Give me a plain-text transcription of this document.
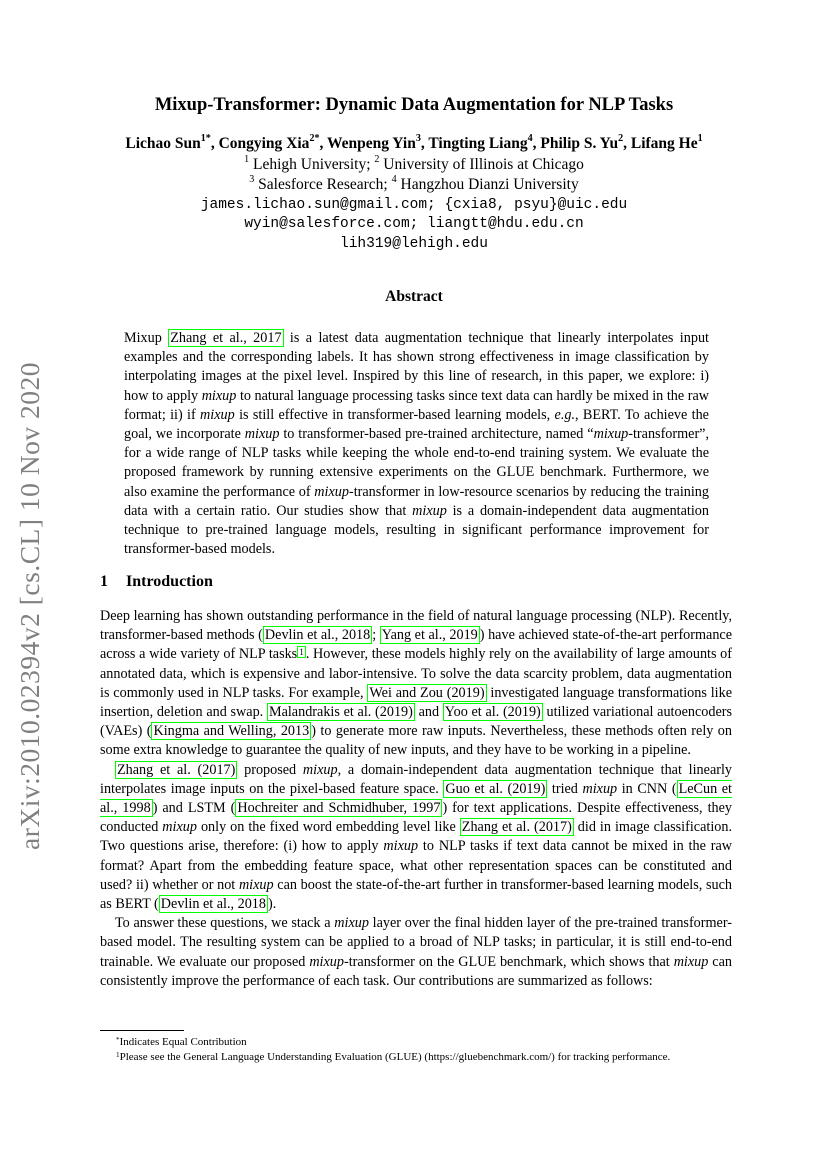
arXiv:2010.02394v2 [cs.CL] 10 Nov 2020
Mixup-Transformer: Dynamic Data Augmentation for NLP Tasks
Lichao Sun$^{1*}$, Congying Xia$^{2*}$, Wenpeng Yin$^3$, Tingting Liang$^4$, Philip S. Yu$^2$, Lifang He$^1$
$^1$ Lehigh University; $^2$ University of Illinois at Chicago
$^3$ Salesforce Research; $^4$ Hangzhou Dianzi University
james.lichao.sun@gmail.com; {cxia8, psyu}@uic.edu
wyin@salesforce.com; liangtt@hdu.edu.cn
lih319@lehigh.edu
Abstract
Mixup Zhang et al., 2017 is a latest data augmentation technique that linearly interpolates input examples and the corresponding labels. It has shown strong effectiveness in image classification by interpolating images at the pixel level. Inspired by this line of research, in this paper, we explore: i) how to apply mixup to natural language processing tasks since text data can hardly be mixed in the raw format; ii) if mixup is still effective in transformer-based learning models, e.g., BERT. To achieve the goal, we incorporate mixup to transformer-based pre-trained architecture, named “mixup-transformer”, for a wide range of NLP tasks while keeping the whole end-to-end training system. We evaluate the proposed framework by running extensive experiments on the GLUE benchmark. Furthermore, we also examine the performance of mixup-transformer in low-resource scenarios by reducing the training data with a certain ratio. Our studies show that mixup is a domain-independent data augmentation technique to pre-trained language models, resulting in significant performance improvement for transformer-based models.
1 Introduction

Deep learning has shown outstanding performance in the field of natural language processing (NLP). Recently, transformer-based methods ( Devlin et al., 2018 ; Yang et al., 2019 ) have achieved state-of-the-art performance across a wide variety of NLP tasks $^1$ . However, these models highly rely on the availability of large amounts of annotated data, which is expensive and labor-intensive. To solve the data scarcity problem, data augmentation is commonly used in NLP tasks. For example, Wei and Zou (2019) investigated language transformations like insertion, deletion and swap. Malandrakis et al. (2019) and Yoo et al. (2019) utilized variational autoencoders (VAEs) ( Kingma and Welling, 2013 ) to generate more raw inputs. Nevertheless, these methods often rely on some extra knowledge to guarantee the quality of new inputs, and they have to be working in a pipeline.

Zhang et al. (2017) proposed mixup, a domain-independent data augmentation technique that linearly interpolates image inputs on the pixel-based feature space. Guo et al. (2019) tried mixup in CNN ( LeCun et al., 1998 ) and LSTM ( Hochreiter and Schmidhuber, 1997 ) for text applications. Despite effectiveness, they conducted mixup only on the fixed word embedding level like Zhang et al. (2017) did in image classification. Two questions arise, therefore: (i) how to apply mixup to NLP tasks if text data cannot be mixed in the raw format? Apart from the embedding feature space, what other representation spaces can be constituted and used? ii) whether or not mixup can boost the state-of-the-art further in transformer-based learning models, such as BERT ( Devlin et al., 2018 ).

To answer these questions, we stack a mixup layer over the final hidden layer of the pre-trained transformer-based model. The resulting system can be applied to a broad of NLP tasks; in particular, it is still end-to-end trainable. We evaluate our proposed mixup-transformer on the GLUE benchmark, which shows that mixup can consistently improve the performance of each task. Our contributions are summarized as follows:

*Indicates Equal Contribution
$^1$Please see the General Language Understanding Evaluation (GLUE) (https://gluebenchmark.com/) for tracking performance.
